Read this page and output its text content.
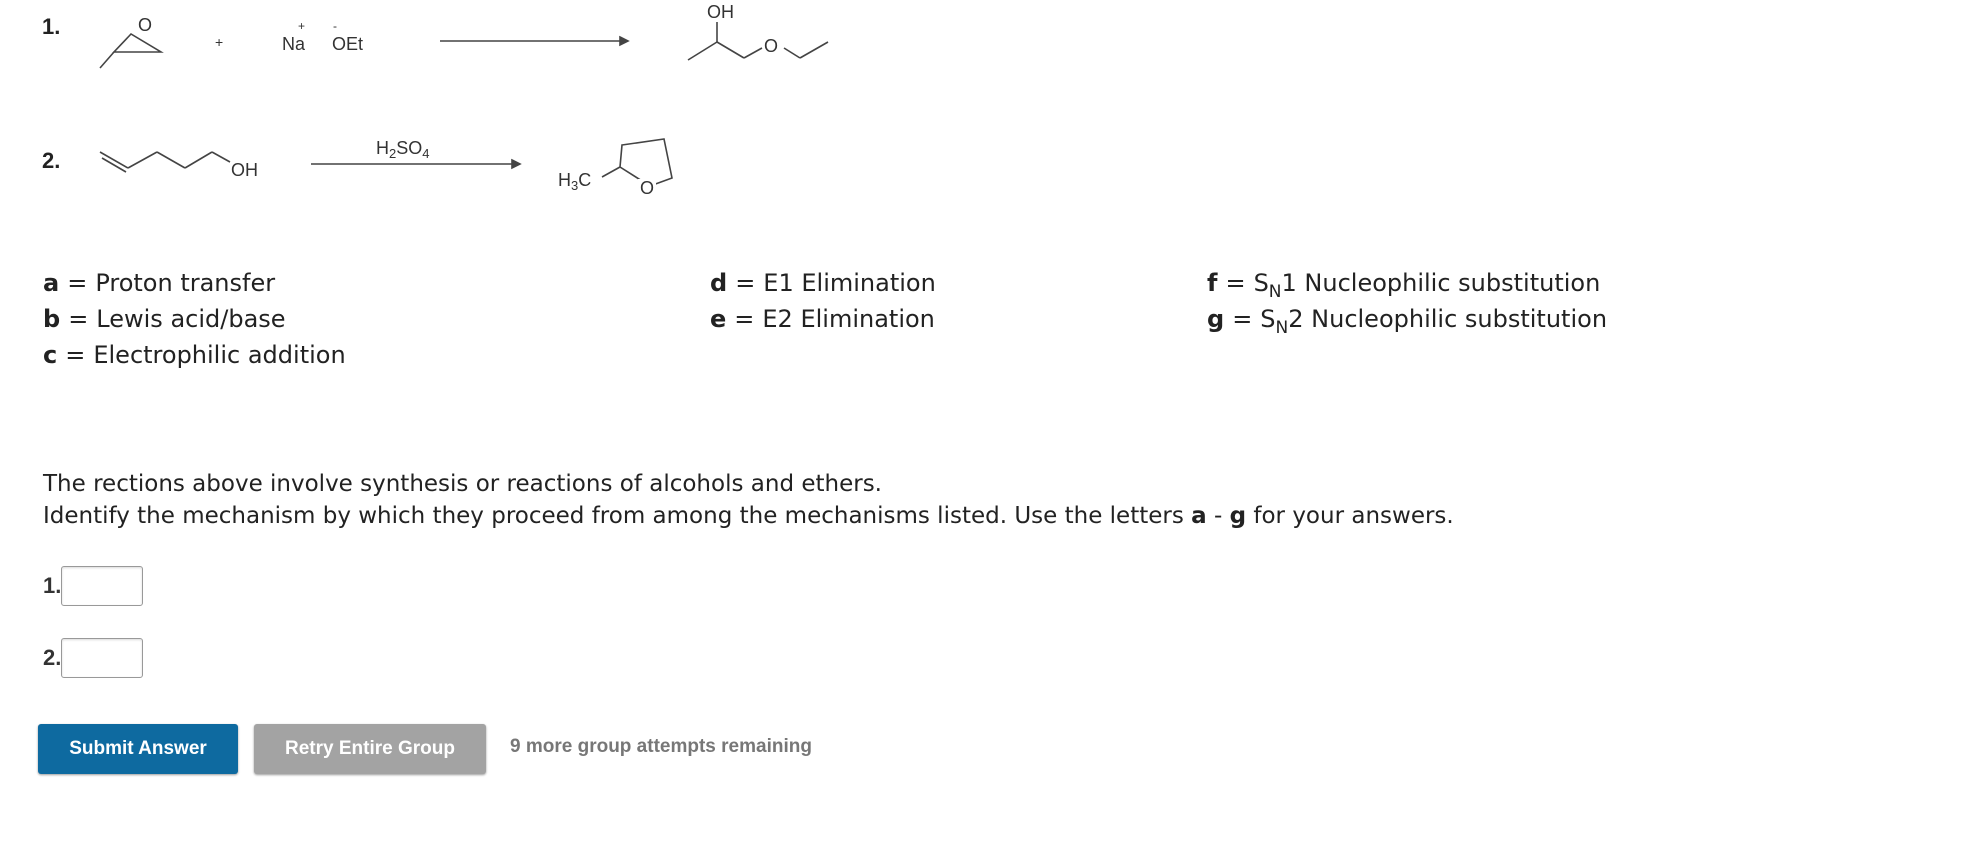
1.	O
+
+
Na
-
OEt
OH
O
2.	OH
$H_2SO_4$
O
$H_3C$
a = Proton transfer
b = Lewis acid/base
c = Electrophilic addition
d = E1 Elimination
e = E2 Elimination
$f = S_N1$ Nucleophilic substitution
$g = S_N2$ Nucleophilic substitution
The rections above involve synthesis or reactions of alcohols and ethers.
Identify the mechanism by which they proceed from among the mechanisms listed. Use the letters a - g for your answers.
1.
2.
Submit Answer	Retry Entire Group	9 more group attempts remaining
